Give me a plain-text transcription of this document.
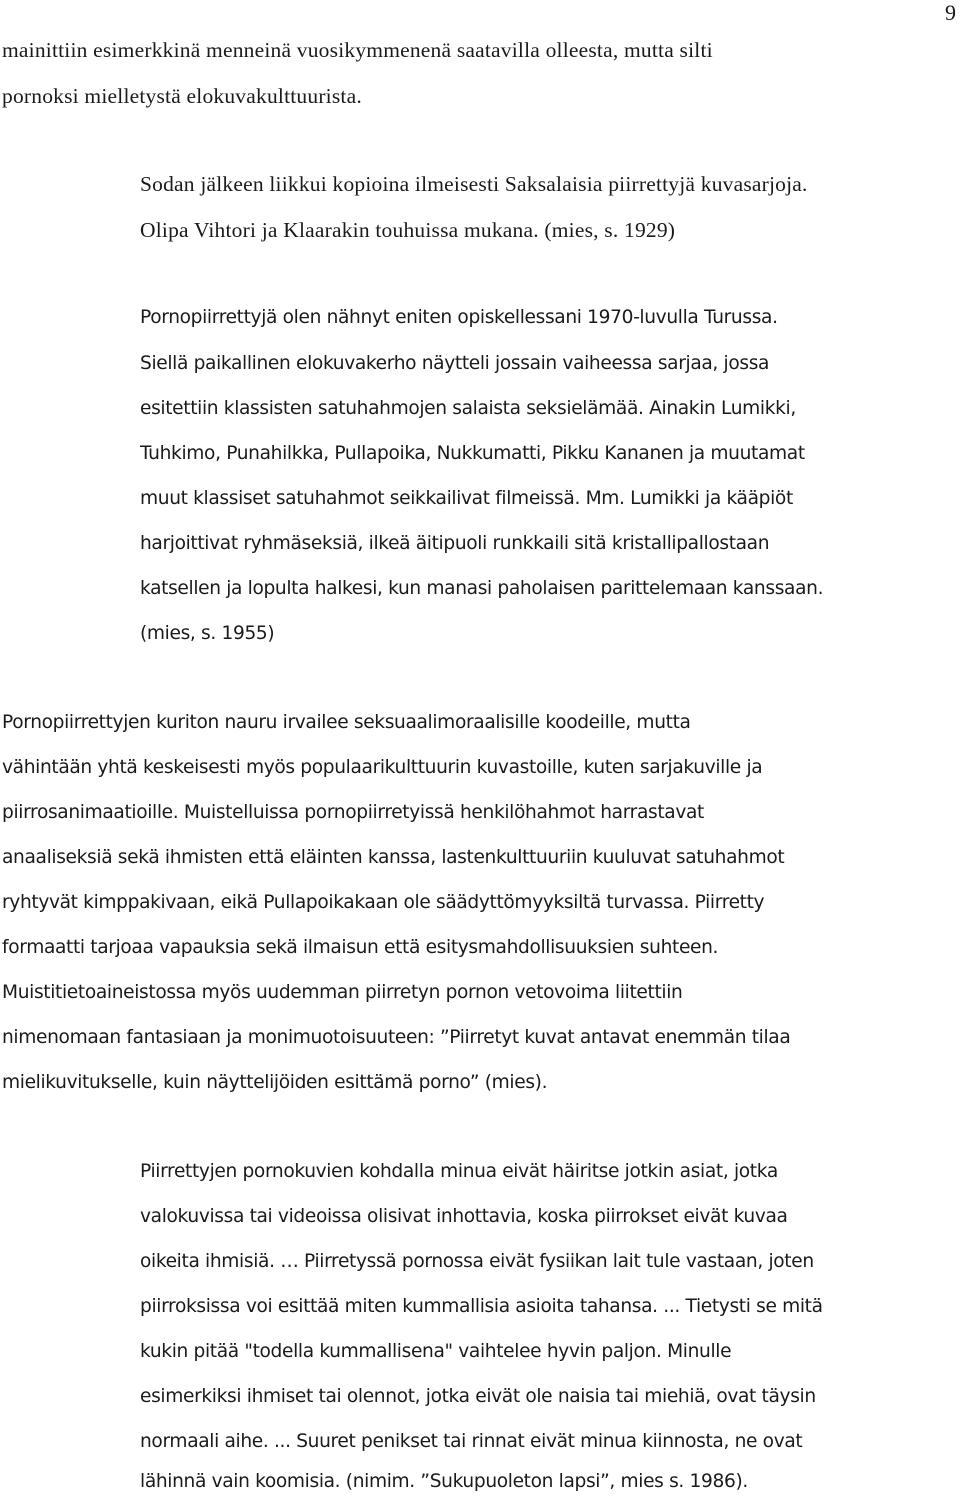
9
mainittiin esimerkkinä menneinä vuosikymmenenä saatavilla olleesta, mutta silti
pornoksi mielletystä elokuvakulttuurista.
Sodan jälkeen liikkui kopioina ilmeisesti Saksalaisia piirrettyjä kuvasarjoja.
Olipa Vihtori ja Klaarakin touhuissa mukana. (mies, s. 1929)
Pornopiirrettyjä olen nähnyt eniten opiskellessani 1970-luvulla Turussa.
Siellä paikallinen elokuvakerho näytteli jossain vaiheessa sarjaa, jossa
esitettiin klassisten satuhahmojen salaista seksielämää. Ainakin Lumikki,
Tuhkimo, Punahilkka, Pullapoika, Nukkumatti, Pikku Kananen ja muutamat
muut klassiset satuhahmot seikkailivat filmeissä. Mm. Lumikki ja kääpiöt
harjoittivat ryhmäseksiä, ilkeä äitipuoli runkkaili sitä kristallipallostaan
katsellen ja lopulta halkesi, kun manasi paholaisen parittelemaan kanssaan.
(mies, s. 1955)
Pornopiirrettyjen kuriton nauru irvailee seksuaalimoraalisille koodeille, mutta
vähintään yhtä keskeisesti myös populaarikulttuurin kuvastoille, kuten sarjakuville ja
piirrosanimaatioille. Muistelluissa pornopiirretyissä henkilöhahmot harrastavat
anaaliseksiä sekä ihmisten että eläinten kanssa, lastenkulttuuriin kuuluvat satuhahmot
ryhtyvät kimppakivaan, eikä Pullapoikakaan ole säädyttömyyksiltä turvassa. Piirretty
formaatti tarjoaa vapauksia sekä ilmaisun että esitysmahdollisuuksien suhteen.
Muistitietoaineistossa myös uudemman piirretyn pornon vetovoima liitettiin
nimenomaan fantasiaan ja monimuotoisuuteen: ”Piirretyt kuvat antavat enemmän tilaa
mielikuvitukselle, kuin näyttelijöiden esittämä porno” (mies).
Piirrettyjen pornokuvien kohdalla minua eivät häiritse jotkin asiat, jotka
valokuvissa tai videoissa olisivat inhottavia, koska piirrokset eivät kuvaa
oikeita ihmisiä. … Piirretyssä pornossa eivät fysiikan lait tule vastaan, joten
piirroksissa voi esittää miten kummallisia asioita tahansa. ... Tietysti se mitä
kukin pitää "todella kummallisena" vaihtelee hyvin paljon. Minulle
esimerkiksi ihmiset tai olennot, jotka eivät ole naisia tai miehiä, ovat täysin
normaali aihe. ... Suuret penikset tai rinnat eivät minua kiinnosta, ne ovat
lähinnä vain koomisia. (nimim. ”Sukupuoleton lapsi”, mies s. 1986).
